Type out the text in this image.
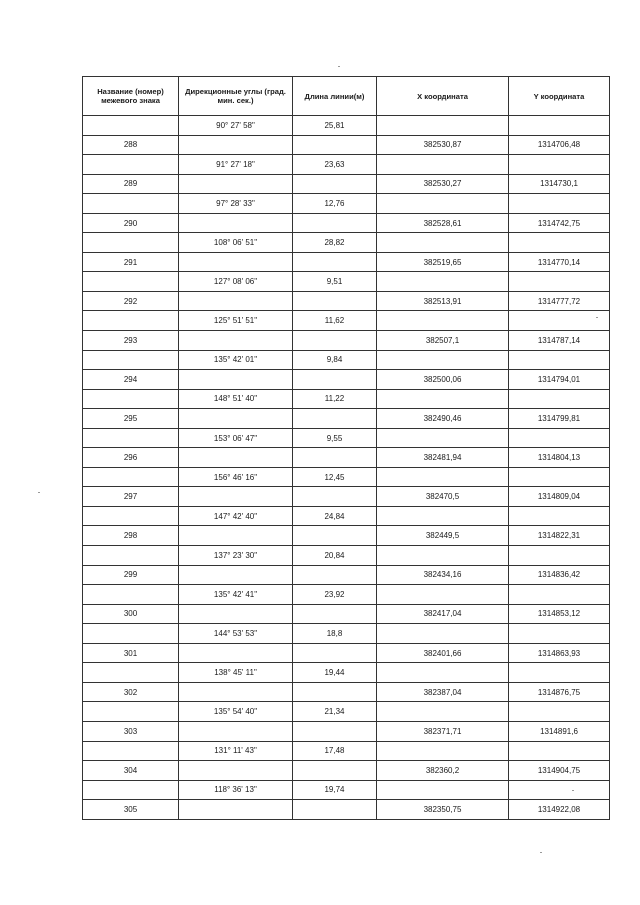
Название (номер) межевого знака	Дирекционные углы (град. мин. сек.)	Длина линии(м)	Х координата	Y координата
	90° 27' 58"	25,81		
288			382530,87	1314706,48
	91° 27' 18"	23,63		
289			382530,27	1314730,1
	97° 28' 33"	12,76		
290			382528,61	1314742,75
	108° 06' 51"	28,82		
291			382519,65	1314770,14
	127° 08' 06"	9,51		
292			382513,91	1314777,72
	125° 51' 51"	11,62		
293			382507,1	1314787,14
	135° 42' 01"	9,84		
294			382500,06	1314794,01
	148° 51' 40"	11,22		
295			382490,46	1314799,81
	153° 06' 47"	9,55		
296			382481,94	1314804,13
	156° 46' 16"	12,45		
297			382470,5	1314809,04
	147° 42' 40"	24,84		
298			382449,5	1314822,31
	137° 23' 30"	20,84		
299			382434,16	1314836,42
	135° 42' 41"	23,92		
300			382417,04	1314853,12
	144° 53' 53"	18,8		
301			382401,66	1314863,93
	138° 45' 11"	19,44		
302			382387,04	1314876,75
	135° 54' 40"	21,34		
303			382371,71	1314891,6
	131° 11' 43"	17,48		
304			382360,2	1314904,75
	118° 36' 13"	19,74		
305			382350,75	1314922,08
